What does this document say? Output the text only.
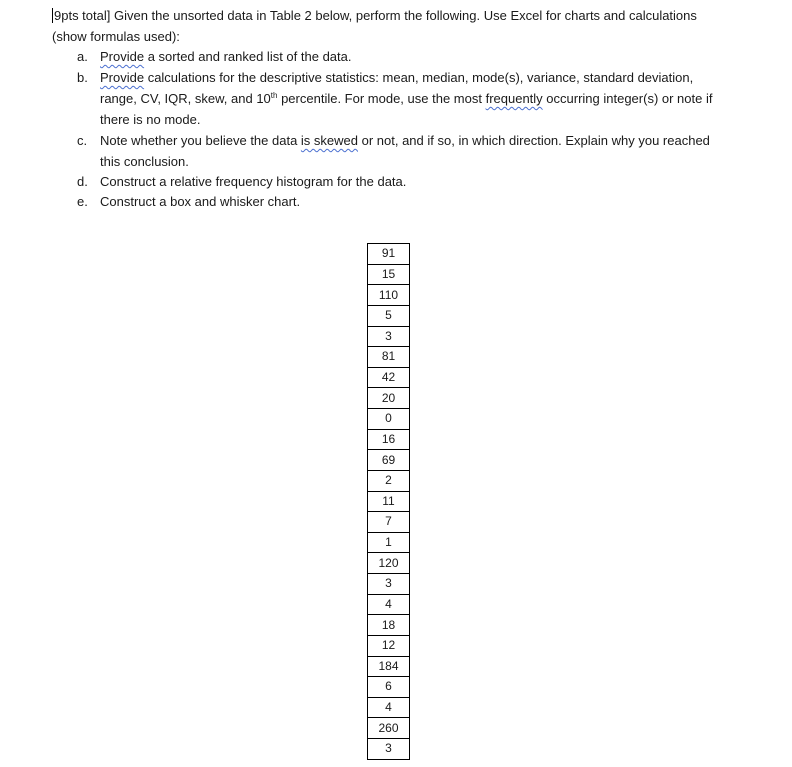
9pts total] Given the unsorted data in Table 2 below, perform the following. Use Excel for charts and calculations
(show formulas used):
a. Provide a sorted and ranked list of the data.
b. Provide calculations for the descriptive statistics: mean, median, mode(s), variance, standard deviation,
range, CV, IQR, skew, and 10th percentile. For mode, use the most frequently occurring integer(s) or note if
there is no mode.
c. Note whether you believe the data is skewed or not, and if so, in which direction. Explain why you reached
this conclusion.
d. Construct a relative frequency histogram for the data.
e. Construct a box and whisker chart.
91
15
110
5
3
81
42
20
0
16
69
2
11
7
1
120
3
4
18
12
184
6
4
260
3
